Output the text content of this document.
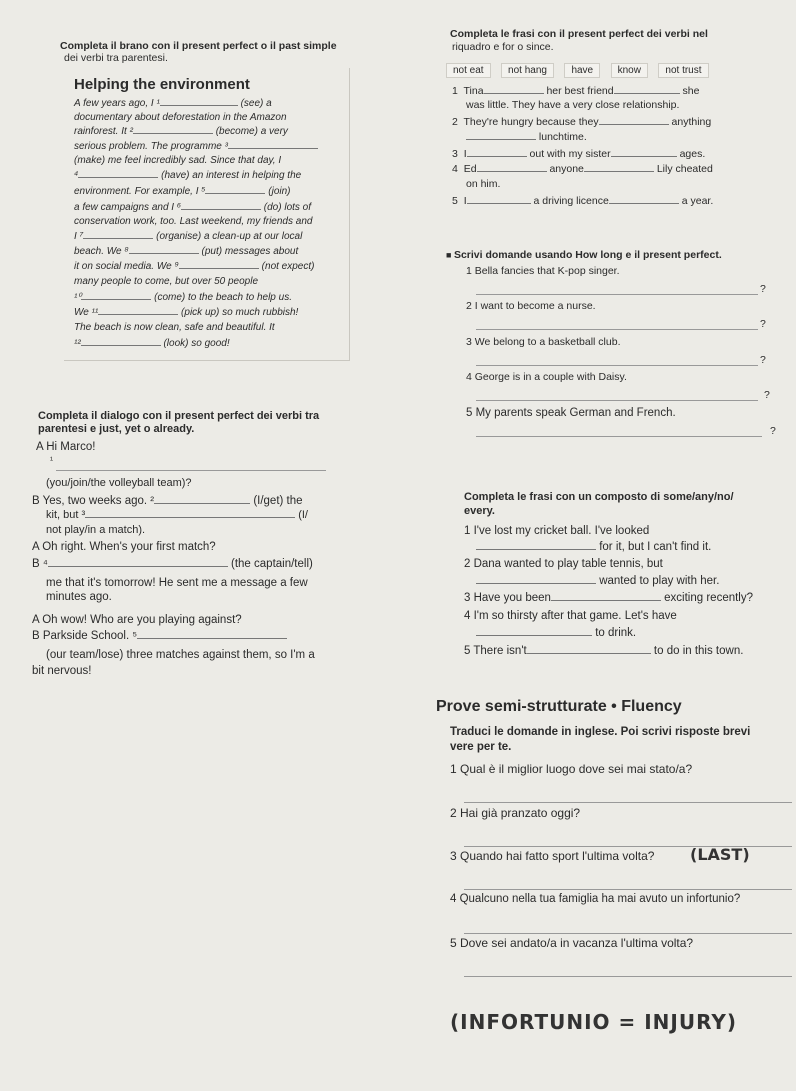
Completa il brano con il present perfect o il past simple
dei verbi tra parentesi.
Helping the environment
A few years ago, I ¹	(see) a
documentary about deforestation in the Amazon
rainforest. It ²	(become) a very
serious problem. The programme ³
(make) me feel incredibly sad. Since that day, I
⁴	(have) an interest in helping the
environment. For example, I ⁵	(join)
a few campaigns and I ⁶	(do) lots of
conservation work, too. Last weekend, my friends and
I ⁷	(organise) a clean-up at our local
beach. We ⁸	(put) messages about
it on social media. We ⁹	(not expect)
many people to come, but over 50 people
¹⁰	(come) to the beach to help us.
We ¹¹	(pick up) so much rubbish!
The beach is now clean, safe and beautiful. It
¹²	(look) so good!
Completa le frasi con il present perfect dei verbi nel
riquadro e for o since.
not eat not hang have know not trust
1 Tina	her best friend	she
was little. They have a very close relationship.
2 They're hungry because they	anything
lunchtime.
3 I	out with my sister	ages.
4 Ed	anyone	Lily cheated
on him.
5 I	a driving licence	a year.
■ Scrivi domande usando How long e il present perfect.
1 Bella fancies that K-pop singer.
?
2 I want to become a nurse.
?
3 We belong to a basketball club.
?
4 George is in a couple with Daisy.
?
5 My parents speak German and French.
?
Completa il dialogo con il present perfect dei verbi tra
parentesi e just, yet o already.
A Hi Marco!
¹
(you/join/the volleyball team)?
B Yes, two weeks ago. ²	(I/get) the
kit, but ³	(I/
not play/in a match).
A Oh right. When's your first match?
B ⁴	(the captain/tell)
me that it's tomorrow! He sent me a message a few
minutes ago.
A Oh wow! Who are you playing against?
B Parkside School. ⁵
(our team/lose) three matches against them, so I'm a
bit nervous!
Completa le frasi con un composto di some/any/no/
every.
1 I've lost my cricket ball. I've looked
for it, but I can't find it.
2 Dana wanted to play table tennis, but
wanted to play with her.
3 Have you been	exciting recently?
4 I'm so thirsty after that game. Let's have
to drink.
5 There isn't	to do in this town.
Prove semi-strutturate • Fluency
Traduci le domande in inglese. Poi scrivi risposte brevi
vere per te.
1 Qual è il miglior luogo dove sei mai stato/a?
2 Hai già pranzato oggi?
3 Quando hai fatto sport l'ultima volta? (LAST)
4 Qualcuno nella tua famiglia ha mai avuto un infortunio?
5 Dove sei andato/a in vacanza l'ultima volta?
(INFORTUNIO = INJURY)
